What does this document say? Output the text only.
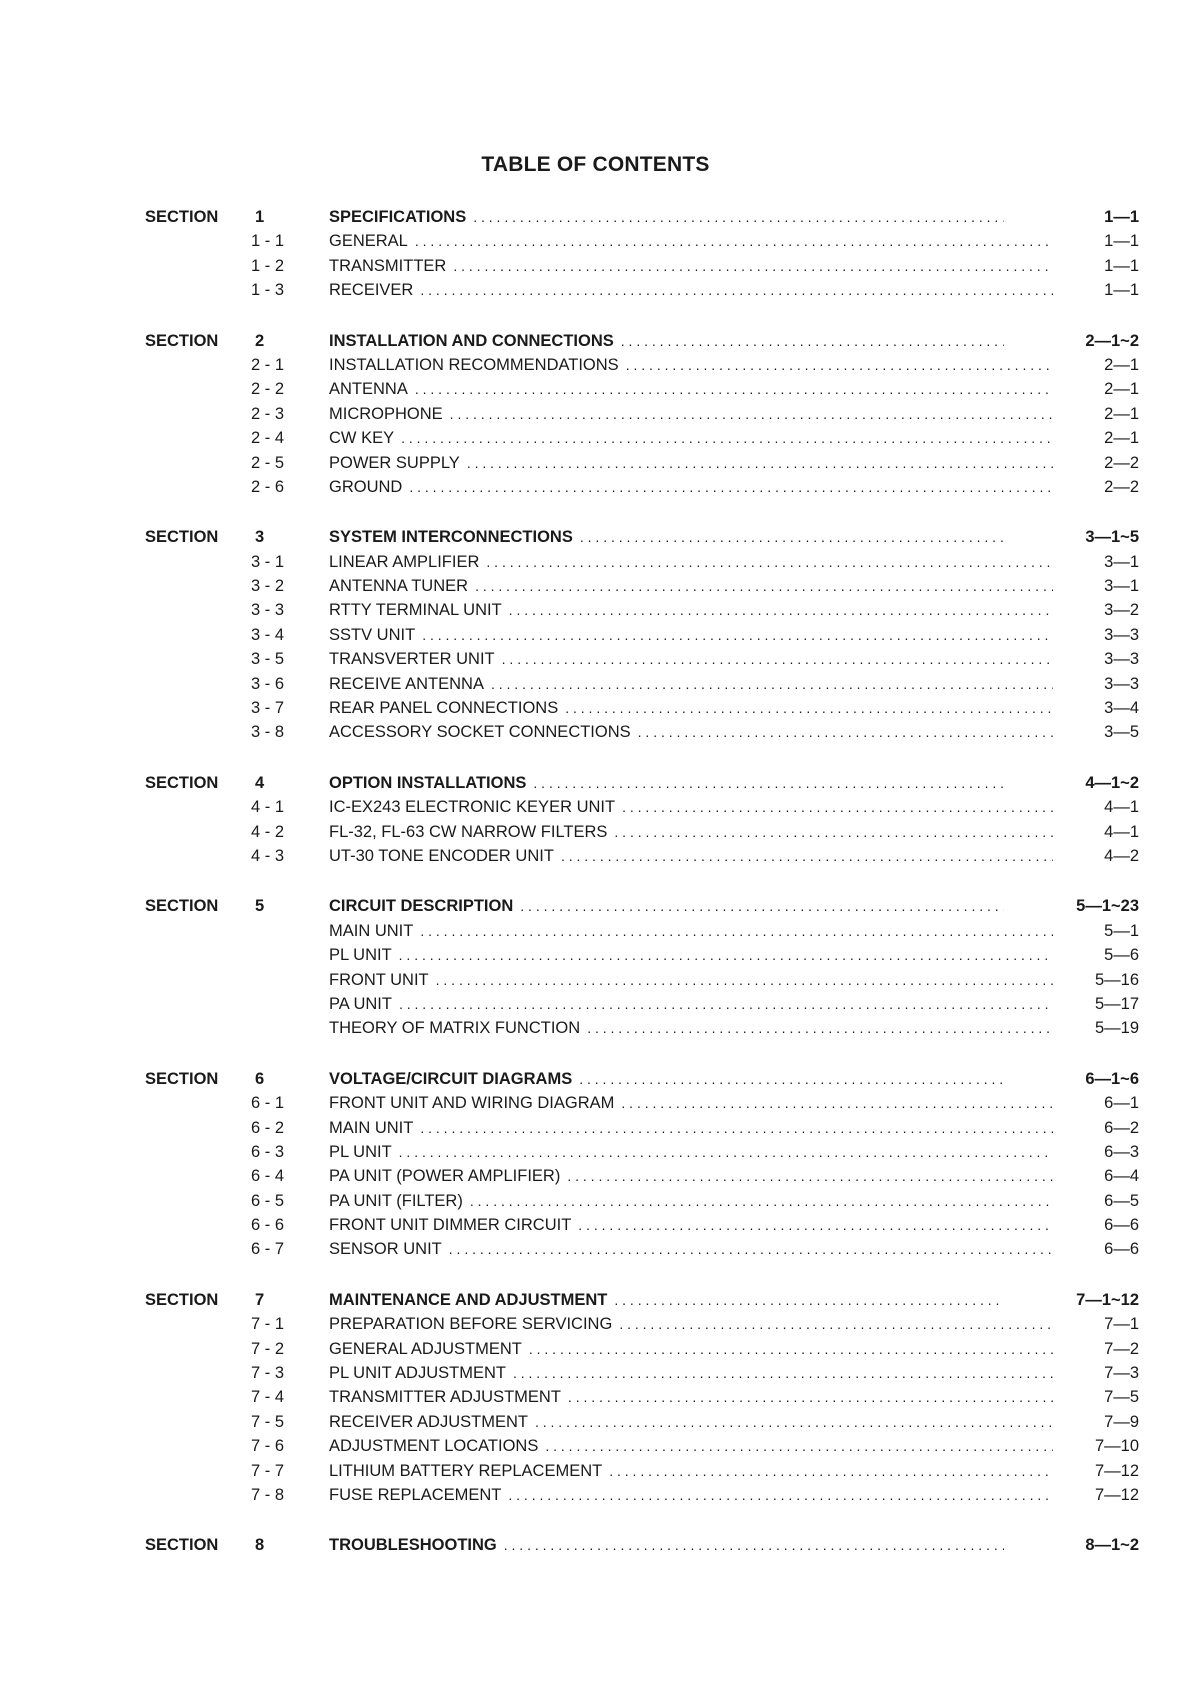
TABLE OF CONTENTS
SECTION 1	SPECIFICATIONS . . .	1—1
1 - 1	GENERAL . . .	1—1
1 - 2	TRANSMITTER . . .	1—1
1 - 3	RECEIVER . . .	1—1
SECTION 2	INSTALLATION AND CONNECTIONS . . .	2—1~2
2 - 1	INSTALLATION RECOMMENDATIONS . . .	2—1
2 - 2	ANTENNA . . .	2—1
2 - 3	MICROPHONE . . .	2—1
2 - 4	CW KEY . . .	2—1
2 - 5	POWER SUPPLY . . .	2—2
2 - 6	GROUND . . .	2—2
SECTION 3	SYSTEM INTERCONNECTIONS . . .	3—1~5
3 - 1	LINEAR AMPLIFIER . . .	3—1
3 - 2	ANTENNA TUNER . . .	3—1
3 - 3	RTTY TERMINAL UNIT . . .	3—2
3 - 4	SSTV UNIT . . .	3—3
3 - 5	TRANSVERTER UNIT . . .	3—3
3 - 6	RECEIVE ANTENNA . . .	3—3
3 - 7	REAR PANEL CONNECTIONS . . .	3—4
3 - 8	ACCESSORY SOCKET CONNECTIONS . . .	3—5
SECTION 4	OPTION INSTALLATIONS . . .	4—1~2
4 - 1	IC-EX243 ELECTRONIC KEYER UNIT . . .	4—1
4 - 2	FL-32, FL-63 CW NARROW FILTERS . . .	4—1
4 - 3	UT-30 TONE ENCODER UNIT . . .	4—2
SECTION 5	CIRCUIT DESCRIPTION . . .	5—1~23
MAIN UNIT . . .	5—1
PL UNIT . . .	5—6
FRONT UNIT . . .	5—16
PA UNIT . . .	5—17
THEORY OF MATRIX FUNCTION . . .	5—19
SECTION 6	VOLTAGE/CIRCUIT DIAGRAMS . . .	6—1~6
6 - 1	FRONT UNIT AND WIRING DIAGRAM . . .	6—1
6 - 2	MAIN UNIT . . .	6—2
6 - 3	PL UNIT . . .	6—3
6 - 4	PA UNIT (POWER AMPLIFIER) . . .	6—4
6 - 5	PA UNIT (FILTER) . . .	6—5
6 - 6	FRONT UNIT DIMMER CIRCUIT . . .	6—6
6 - 7	SENSOR UNIT . . .	6—6
SECTION 7	MAINTENANCE AND ADJUSTMENT . . .	7—1~12
7 - 1	PREPARATION BEFORE SERVICING . . .	7—1
7 - 2	GENERAL ADJUSTMENT . . .	7—2
7 - 3	PL UNIT ADJUSTMENT . . .	7—3
7 - 4	TRANSMITTER ADJUSTMENT . . .	7—5
7 - 5	RECEIVER ADJUSTMENT . . .	7—9
7 - 6	ADJUSTMENT LOCATIONS . . .	7—10
7 - 7	LITHIUM BATTERY REPLACEMENT . . .	7—12
7 - 8	FUSE REPLACEMENT . . .	7—12
SECTION 8	TROUBLESHOOTING . . .	8—1~2
